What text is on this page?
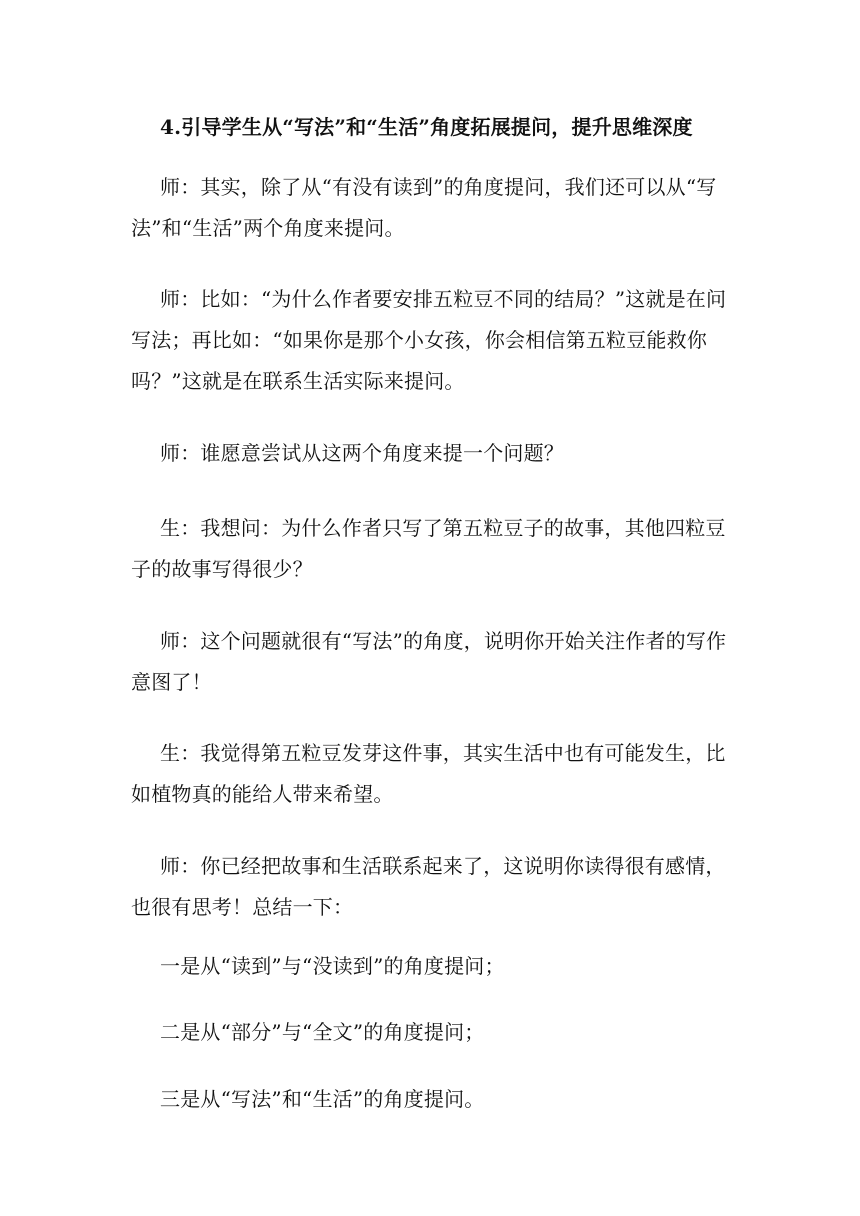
4.引导学生从“写法”和“生活”角度拓展提问，提升思维深度

师：其实，除了从“有没有读到”的角度提问，我们还可以从“写法”和“生活”两个角度来提问。

师：比如：“为什么作者要安排五粒豆不同的结局？”这就是在问写法；再比如：“如果你是那个小女孩，你会相信第五粒豆能救你吗？”这就是在联系生活实际来提问。

师：谁愿意尝试从这两个角度来提一个问题？

生：我想问：为什么作者只写了第五粒豆子的故事，其他四粒豆子的故事写得很少？

师：这个问题就很有“写法”的角度，说明你开始关注作者的写作意图了！

生：我觉得第五粒豆发芽这件事，其实生活中也有可能发生，比如植物真的能给人带来希望。

师：你已经把故事和生活联系起来了，这说明你读得很有感情，也很有思考！总结一下：

一是从“读到”与“没读到”的角度提问；

二是从“部分”与“全文”的角度提问；

三是从“写法”和“生活”的角度提问。
